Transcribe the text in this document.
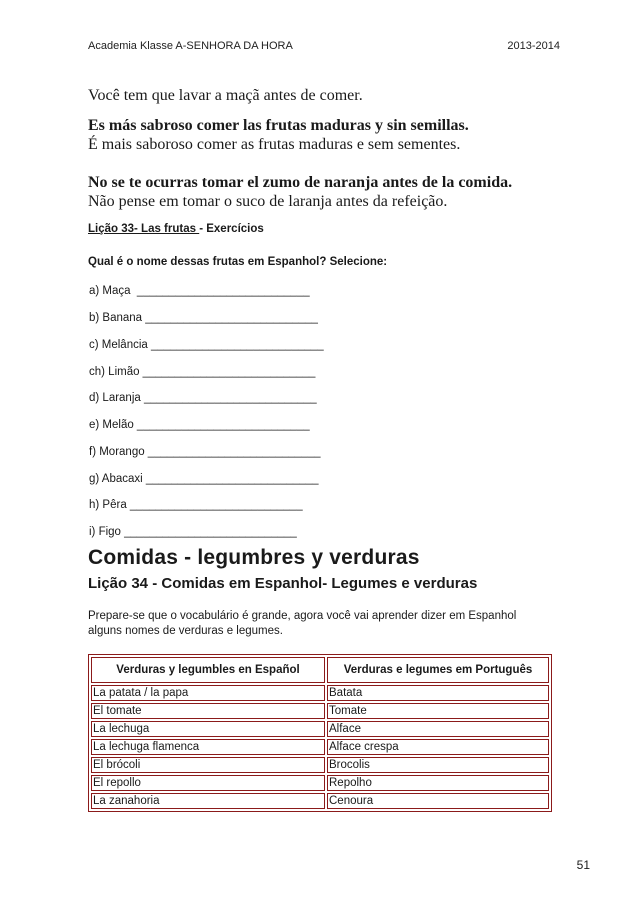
Academia Klasse A-SENHORA DA HORA	2013-2014
Você tem que lavar a maçã antes de comer.
Es más sabroso comer las frutas maduras y sin semillas.
É mais saboroso comer as frutas maduras e sem sementes.
No se te ocurras tomar el zumo de naranja antes de la comida.
Não pense em tomar o suco de laranja antes da refeição.
Lição 33- Las frutas - Exercícios
Qual é o nome dessas frutas em Espanhol? Selecione:
a) Maça  ___________________________
b) Banana ___________________________
c) Melância ___________________________
ch) Limão ___________________________
d) Laranja ___________________________
e) Melão ___________________________
f) Morango ___________________________
g) Abacaxi ___________________________
h) Pêra ___________________________
i) Figo ___________________________
Comidas - legumbres y verduras
Lição 34 - Comidas em Espanhol- Legumes e verduras
Prepare-se que o vocabulário é grande, agora você vai aprender dizer em Espanhol
alguns nomes de verduras e legumes.
Verduras y legumbles en Español	Verduras e legumes em Português
La patata / la papa	Batata
El tomate	Tomate
La lechuga	Alface
La lechuga flamenca	Alface crespa
El brócoli	Brocolis
El repollo	Repolho
La zanahoria	Cenoura
51
